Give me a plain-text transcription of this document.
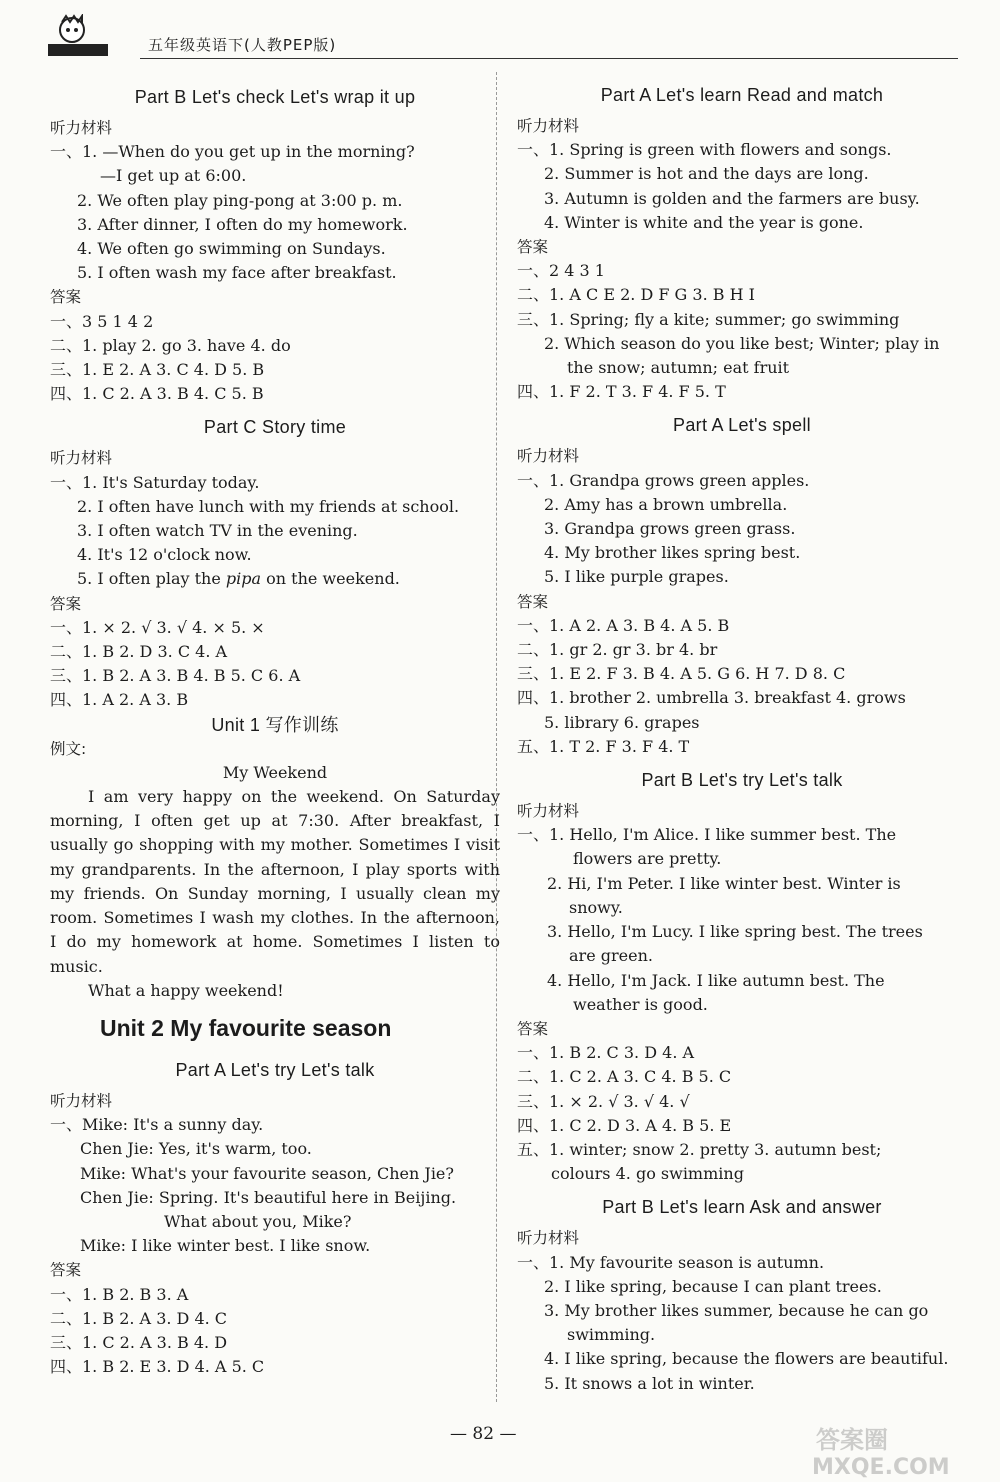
五年级英语下(人教PEP版)
Part B Let's check Let's wrap it up
听力材料
一、1. —When do you get up in the morning?
—I get up at 6:00.
2. We often play ping-pong at 3:00 p. m.
3. After dinner, I often do my homework.
4. We often go swimming on Sundays.
5. I often wash my face after breakfast.
答案
一、3 5 1 4 2
二、1. play 2. go 3. have 4. do
三、1. E 2. A 3. C 4. D 5. B
四、1. C 2. A 3. B 4. C 5. B
Part C Story time
听力材料
一、1. It's Saturday today.
2. I often have lunch with my friends at school.
3. I often watch TV in the evening.
4. It's 12 o'clock now.
5. I often play the pipa on the weekend.
答案
一、1. × 2. √ 3. √ 4. × 5. ×
二、1. B 2. D 3. C 4. A
三、1. B 2. A 3. B 4. B 5. C 6. A
四、1. A 2. A 3. B
Unit 1 写作训练
例文:
My Weekend
I am very happy on the weekend. On Saturday morning, I often get up at 7:30. After breakfast, I usually go shopping with my mother. Sometimes I visit my grandparents. In the afternoon, I play sports with my friends. On Sunday morning, I usually clean my room. Sometimes I wash my clothes. In the afternoon, I do my homework at home. Sometimes I listen to music.
What a happy weekend!
Unit 2 My favourite season
Part A Let's try Let's talk
听力材料
一、Mike: It's a sunny day.
Chen Jie: Yes, it's warm, too.
Mike: What's your favourite season, Chen Jie?
Chen Jie: Spring. It's beautiful here in Beijing.
What about you, Mike?
Mike: I like winter best. I like snow.
答案
一、1. B 2. B 3. A
二、1. B 2. A 3. D 4. C
三、1. C 2. A 3. B 4. D
四、1. B 2. E 3. D 4. A 5. C
Part A Let's learn Read and match
听力材料
一、1. Spring is green with flowers and songs.
2. Summer is hot and the days are long.
3. Autumn is golden and the farmers are busy.
4. Winter is white and the year is gone.
答案
一、2 4 3 1
二、1. A C E 2. D F G 3. B H I
三、1. Spring; fly a kite; summer; go swimming
2. Which season do you like best; Winter; play in
the snow; autumn; eat fruit
四、1. F 2. T 3. F 4. F 5. T
Part A Let's spell
听力材料
一、1. Grandpa grows green apples.
2. Amy has a brown umbrella.
3. Grandpa grows green grass.
4. My brother likes spring best.
5. I like purple grapes.
答案
一、1. A 2. A 3. B 4. A 5. B
二、1. gr 2. gr 3. br 4. br
三、1. E 2. F 3. B 4. A 5. G 6. H 7. D 8. C
四、1. brother 2. umbrella 3. breakfast 4. grows
5. library 6. grapes
五、1. T 2. F 3. F 4. T
Part B Let's try Let's talk
听力材料
一、1. Hello, I'm Alice. I like summer best. The
flowers are pretty.
2. Hi, I'm Peter. I like winter best. Winter is
snowy.
3. Hello, I'm Lucy. I like spring best. The trees
are green.
4. Hello, I'm Jack. I like autumn best. The
weather is good.
答案
一、1. B 2. C 3. D 4. A
二、1. C 2. A 3. C 4. B 5. C
三、1. × 2. √ 3. √ 4. √
四、1. C 2. D 3. A 4. B 5. E
五、1. winter; snow 2. pretty 3. autumn best;
colours 4. go swimming
Part B Let's learn Ask and answer
听力材料
一、1. My favourite season is autumn.
2. I like spring, because I can plant trees.
3. My brother likes summer, because he can go
swimming.
4. I like spring, because the flowers are beautiful.
5. It snows a lot in winter.
— 82 —	答案圈
MXQE.COM
